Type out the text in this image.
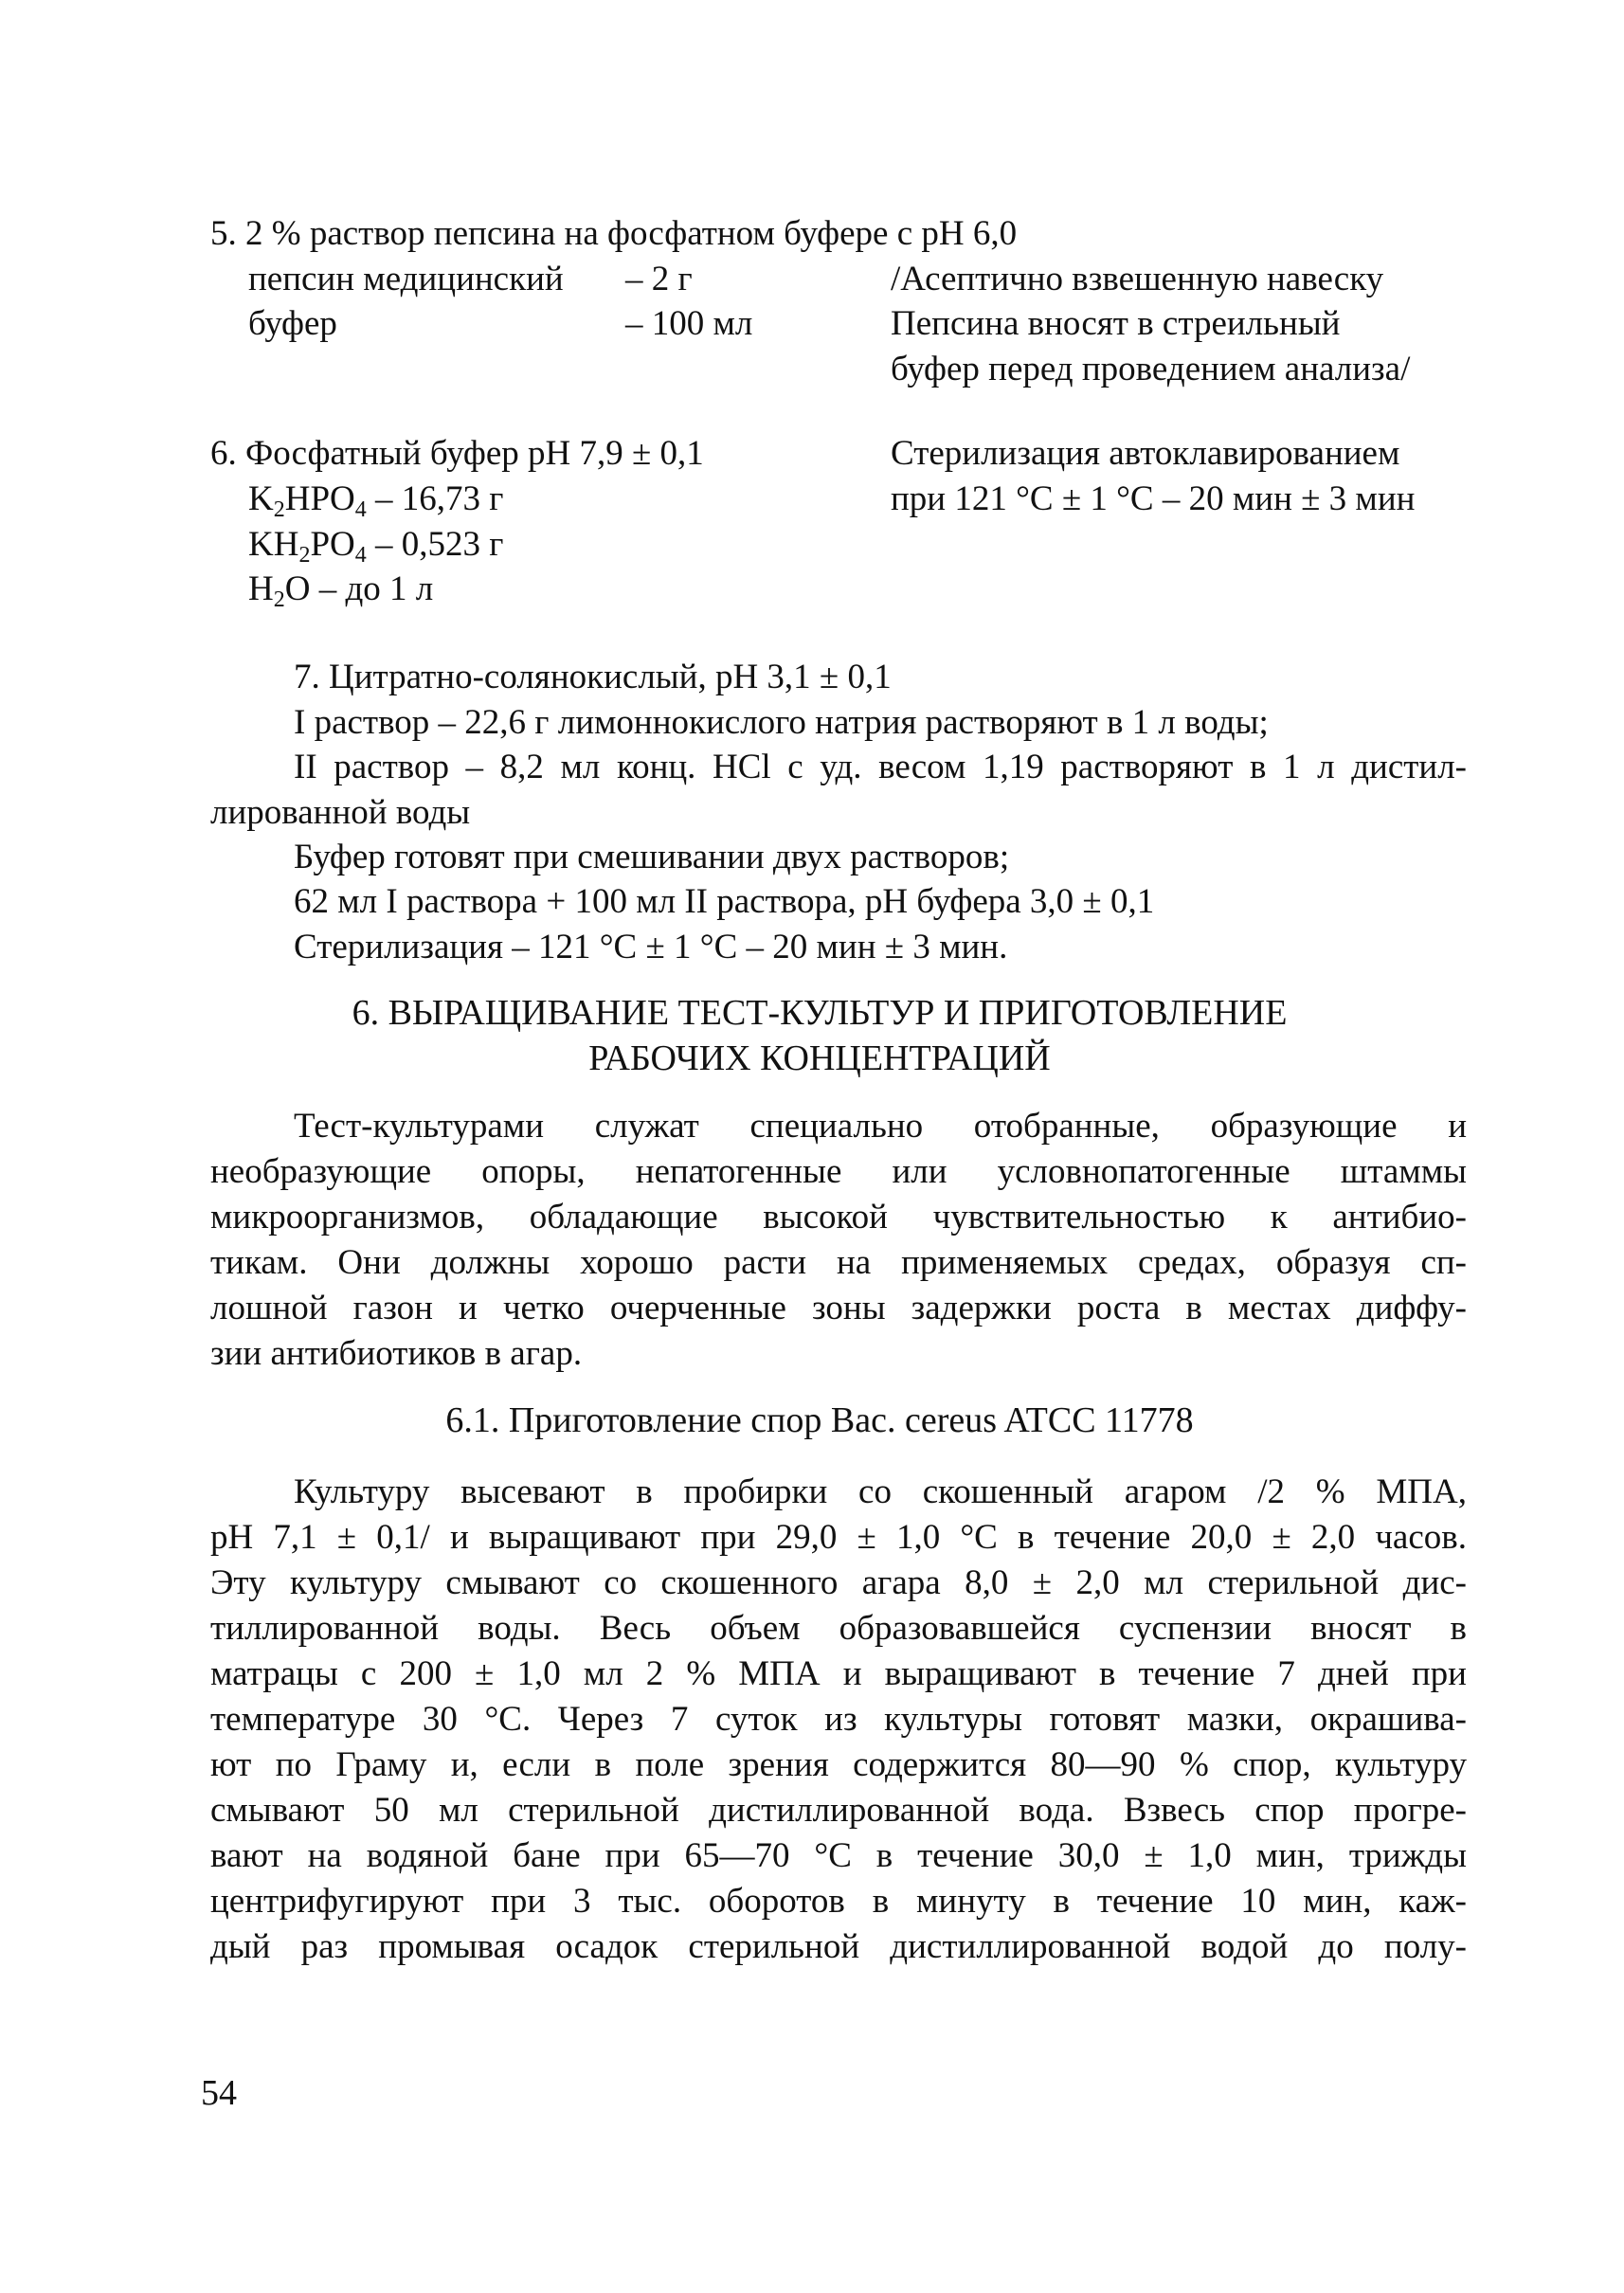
5. 2 % раствор пепсина на фосфатном буфере с pH 6,0
пепсин медицинский – 2 г
буфер	– 100 мл
/Асептично взвешенную навеску
Пепсина вносят в стреильный
буфер перед проведением анализа/
6. Фосфатный буфер pH 7,9 ± 0,1
$K_2HPO_4 - 16,73$ г
$KH_2PO_4 - 0,523$ г
$H_2O$ – до 1 л
Стерилизация автоклавированием
при 121 °C ± 1 °C – 20 мин ± 3 мин
7. Цитратно-солянокислый, pH 3,1 ± 0,1
I раствор – 22,6 г лимоннокислого натрия растворяют в 1 л воды;
II раствор – 8,2 мл конц. HCl с уд. весом 1,19 растворяют в 1 л дистил-
лированной воды
Буфер готовят при смешивании двух растворов;
62 мл I раствора + 100 мл II раствора, pH буфера 3,0 ± 0,1
Стерилизация – 121 °C ± 1 °C – 20 мин ± 3 мин.
6. ВЫРАЩИВАНИЕ ТЕСТ-КУЛЬТУР И ПРИГОТОВЛЕНИЕ
РАБОЧИХ КОНЦЕНТРАЦИЙ
Тест-культурами служат специально отобранные, образующие и
необразующие опоры, непатогенные или условнопатогенные штаммы
микроорганизмов, обладающие высокой чувствительностью к антибио-
тикам. Они должны хорошо расти на применяемых средах, образуя сп-
лошной газон и четко очерченные зоны задержки роста в местах диффу-
зии антибиотиков в агар.
6.1. Приготовление спор Bac. cereus ATCC 11778
Культуру высевают в пробирки со скошенный агаром /2 % МПА,
pH 7,1 ± 0,1/ и выращивают при 29,0 ± 1,0 °C в течение 20,0 ± 2,0 часов.
Эту культуру смывают со скошенного агара 8,0 ± 2,0 мл стерильной дис-
тиллированной воды. Весь объем образовавшейся суспензии вносят в
матрацы с 200 ± 1,0 мл 2 % МПА и выращивают в течение 7 дней при
температуре 30 °C. Через 7 суток из культуры готовят мазки, окрашива-
ют по Граму и, если в поле зрения содержится 80—90 % спор, культуру
смывают 50 мл стерильной дистиллированной вода. Взвесь спор прогре-
вают на водяной бане при 65—70 °C в течение 30,0 ± 1,0 мин, трижды
центрифугируют при 3 тыс. оборотов в минуту в течение 10 мин, каж-
дый раз промывая осадок стерильной дистиллированной водой до полу-
54
